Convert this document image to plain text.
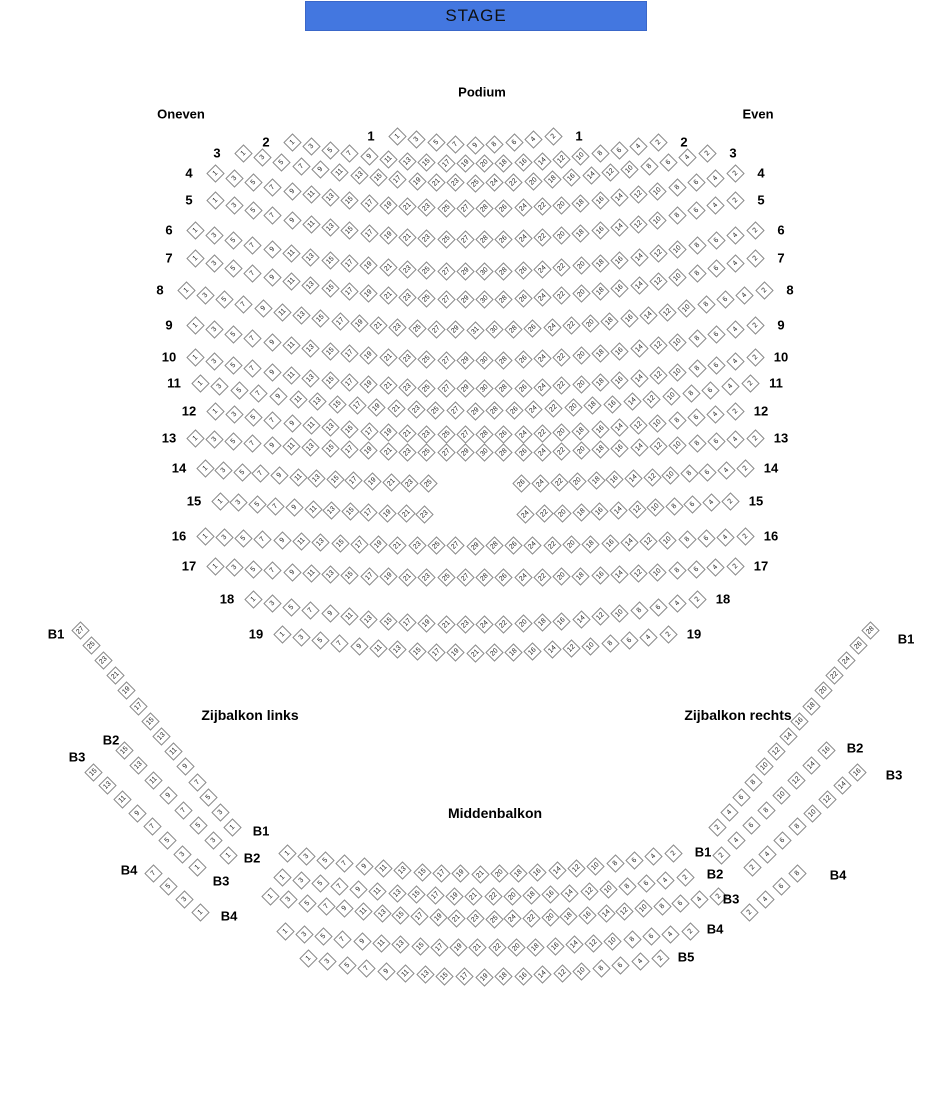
STAGE
Podium
Oneven	Even
Zijbalkon links	Zijbalkon rechts
Middenbalkon
1
3	5	7	9
2
4
6
8
1	1
1
3
5	7	9	11	13	15	17	19
2
4
6
8
10
12
14
16
18
20
2	2
1
3
5
7	9	11	13	15	17	19	21	23	25
2
4
6
8
10
12
14
16
18
20
22
24
3	3
1
3
5
7
9	11	13	15	17	19	21	23	25	27
2
4
6
8
10
12
14
16
18
20
22
24
26
28
4	4
1
3
5
7
9	11	13	15	17	19	21	23	25	27
2
4
6
8
10
12
14
16
18
20
22
24
26
28
5	5
1
3
5
7
9	11	13	15	17	19	21	23	25	27	29
2
4
6
8
10
12
14
16
18
20
22
24
26
28
30
6	6
1
3
5
7
9	11	13	15	17	19	21	23	25	27	29
2
4
6
8
10
12
14
16
18
20
22
24
26
28
30
7	7
1
3
5
7
9	11	13	15	17	19	21	23	25	27	29	31
2
4
6
8
10
12
14
16
18
20
22
24
26
28
30
8	8
1
3
5
7	9	11	13	15	17	19	21	23	25	27	29
2
4
6
8
10
12
14
16
18
20
22
24
26
28
30
9	9
1
3
5	7	9	11	13	15	17	19	21	23	25	27	29
2
4
6
8
10
12
14
16
18
20
22
24
26
28
30
10	10
1	3	5	7	9	11	13	15	17	19	21	23	25	27	29
2
4
6
8
10
12
14
16
18
20
22
24
26
28
11	11
1	3	5	7	9	11	13	15	17	19	21	23	25	27
2
4
6
8
10
12
14
16
18
20
22
24
26
28
12	12
1	3	5	7	9	11	13	15	17	19	21	23	25	27	29
2
4
6
8
10
12
14
16
18
20
22
24
26
28
30
13	13
1	3	5	7	9	11	13	15	17	19	21	23	25
2
4
6
8
10
12
14
16
18
20
22
24
26
14	14
1	3	5	7	9	11	13	15	17	19	21	23
2
4
6
8
10
12
14
16
18
20
22
24
15	15
1	3	5	7	9	11	13	15	17	19	21	23	25	27	29
2
4
6
8
10
12
14
16
18
20
22
24
26
28
16	16
1	3	5	7	9	11	13	15	17	19	21	23	25	27
2
4
6
8
10
12
14
16
18
20
22
24
26
28
17	17
1
3
5	7	9	11	13	15	17	19	21	23
2
4
6
8
10
12
14
16
18
20
22
24
18	18
1	3	5	7	9	11	13	15	17	19	21
2
4
6
8
10
12
14
16
18
20
19	19
B1	27
25
23
21
19
17
15
13
11
9
7
5
3
1
B2
15
13
11
9
7
5
3
1
B3
15
13
11
9
7
5
3
1
B4	7
5
3
1
B1
28
26
24
22
20
18
16
14
12
10
8
6
4
2
B2
16
14
12
10
8
6
4
2
B3
16
14
12
10
8
6
4
2	B4
8
6
4
2
1
3	5	7	9	11	13	15	17	19	21
2
4
6
8
10
12
14
16
18
20
B1
B1
1	3	5	7	9	11	13	15	17	19	21
2
4
6
8
10
12
14
16
18
20
22
B2
B2
1	3	5	7	9	11	13	15	17	19	21	23	25
2
4
6
8
10
12
14
16
18
20
22
24
B3
B3
1	3	5	7	9	11	13	15	17	19	21
2
4
6
8
10
12
14
16
18
20
22
B4
B4
1
3	5	7	9	11	13	15	17	19
2
4
6
8
10
12
14
16
18
B5
